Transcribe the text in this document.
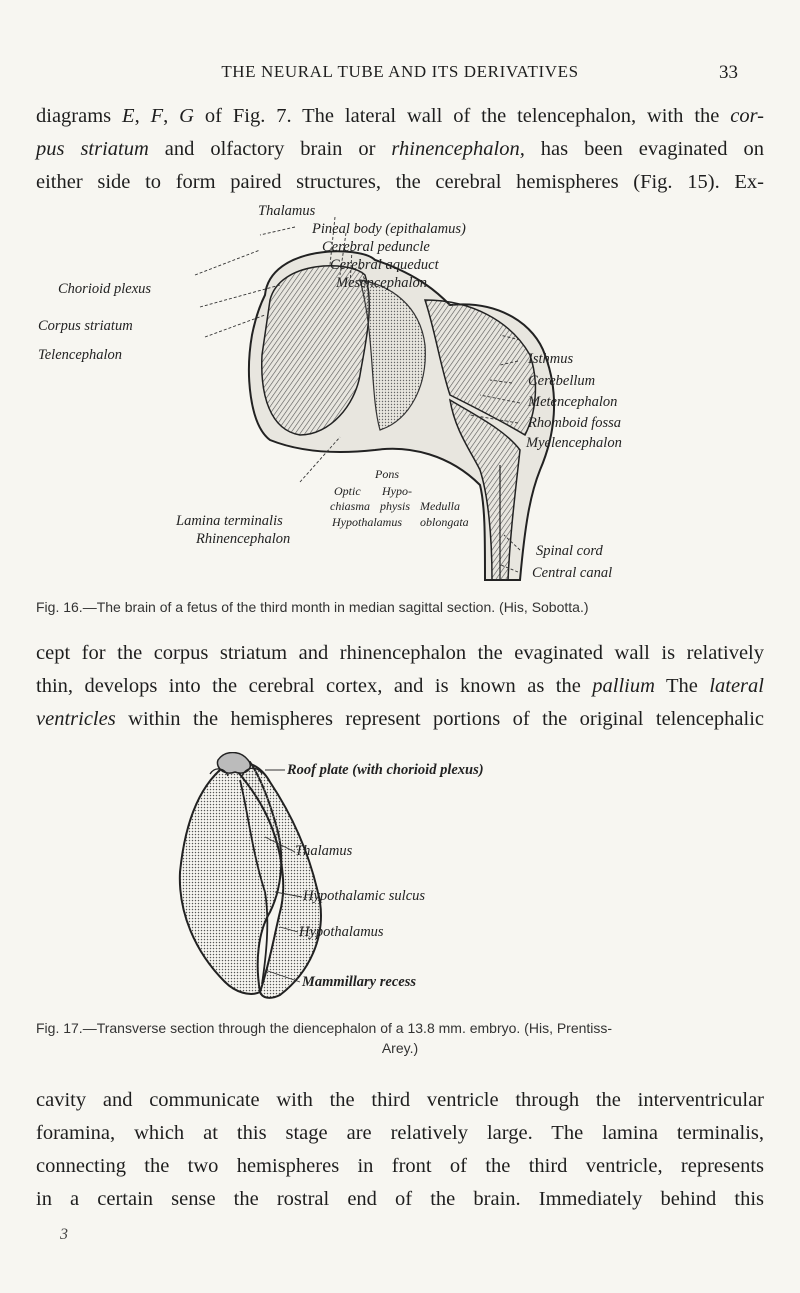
THE NEURAL TUBE AND ITS DERIVATIVES	33
diagrams E, F, G of Fig. 7. The lateral wall of the telencephalon, with the cor-
pus striatum and olfactory brain or rhinencephalon, has been evaginated on
either side to form paired structures, the cerebral hemispheres (Fig. 15). Ex-
Thalamus
Pineal body (epithalamus)
Cerebral peduncle
Cerebral aqueduct
Mesencephalon
Chorioid plexus
Corpus striatum
Telencephalon	Isthmus
Cerebellum
Metencephalon
Rhomboid fossa
Myelencephalon
Pons
Optic Hypo-
chiasma physis Medulla
Hypothalamus oblongata
Lamina terminalis
Rhinencephalon
Spinal cord
Central canal
Fig. 16.—The brain of a fetus of the third month in median sagittal section. (His, Sobotta.)
cept for the corpus striatum and rhinencephalon the evaginated wall is relatively
thin, develops into the cerebral cortex, and is known as the pallium The lateral
ventricles within the hemispheres represent portions of the original telencephalic
Roof plate (with chorioid plexus)
Thalamus
Hypothalamic sulcus
Hypothalamus
Mammillary recess
Fig. 17.—Transverse section through the diencephalon of a 13.8 mm. embryo. (His, Prentiss-
Arey.)
cavity and communicate with the third ventricle through the interventricular
foramina, which at this stage are relatively large. The lamina terminalis,
connecting the two hemispheres in front of the third ventricle, represents
in a certain sense the rostral end of the brain. Immediately behind this
3
